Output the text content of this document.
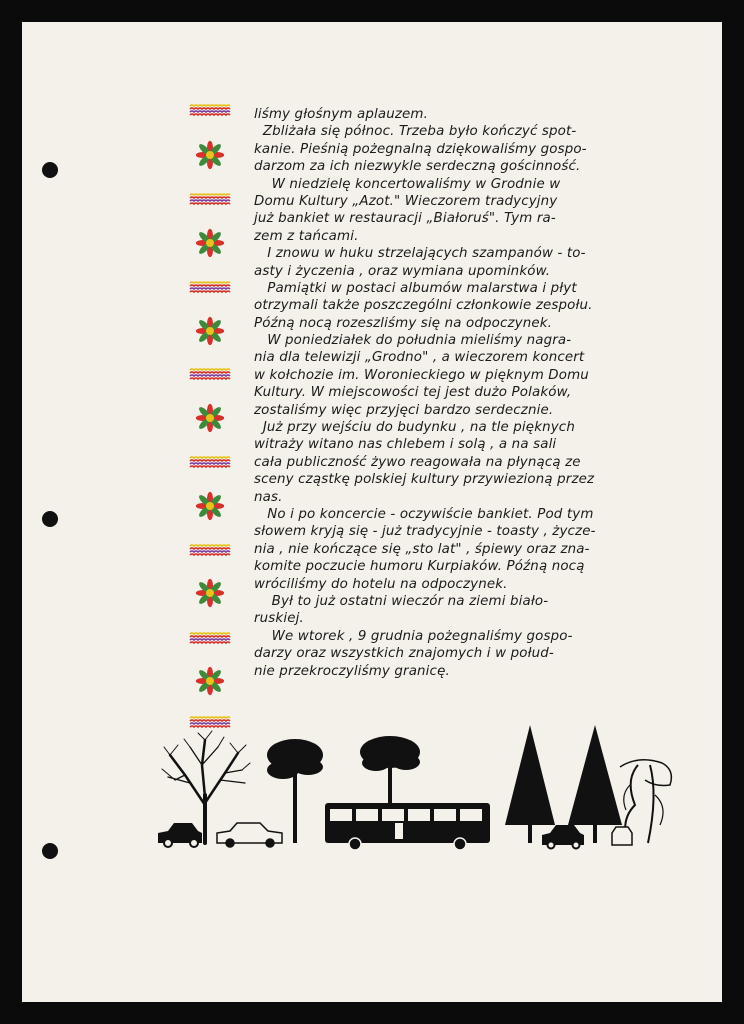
liśmy głośnym aplauzem.
Zbliżała się północ. Trzeba było kończyć spot-
kanie. Pieśnią pożegnalną dziękowaliśmy gospo-
darzom za ich niezwykle serdeczną gościnność.
W niedzielę koncertowaliśmy w Grodnie w
Domu Kultury „Azot." Wieczorem tradycyjny
już bankiet w restauracji „Białoruś". Tym ra-
zem z tańcami.
I znowu w huku strzelających szampanów - to-
asty i życzenia , oraz wymiana upominków.
Pamiątki w postaci albumów malarstwa i płyt
otrzymali także poszczególni członkowie zespołu.
Późną nocą rozeszliśmy się na odpoczynek.
W poniedziałek do południa mieliśmy nagra-
nia dla telewizji „Grodno" , a wieczorem koncert
w kołchozie im. Woronieckiego w pięknym Domu
Kultury. W miejscowości tej jest dużo Polaków,
zostaliśmy więc przyjęci bardzo serdecznie.
Już przy wejściu do budynku , na tle pięknych
witraży witano nas chlebem i solą , a na sali
cała publiczność żywo reagowała na płynącą ze
sceny cząstkę polskiej kultury przywiezioną przez
nas.
No i po koncercie - oczywiście bankiet. Pod tym
słowem kryją się - już tradycyjnie - toasty , życze-
nia , nie kończące się „sto lat" , śpiewy oraz zna-
komite poczucie humoru Kurpiaków. Późną nocą
wróciliśmy do hotelu na odpoczynek.
Był to już ostatni wieczór na ziemi biało-
ruskiej.
We wtorek , 9 grudnia pożegnaliśmy gospo-
darzy oraz wszystkich znajomych i w połud-
nie przekroczyliśmy granicę.
